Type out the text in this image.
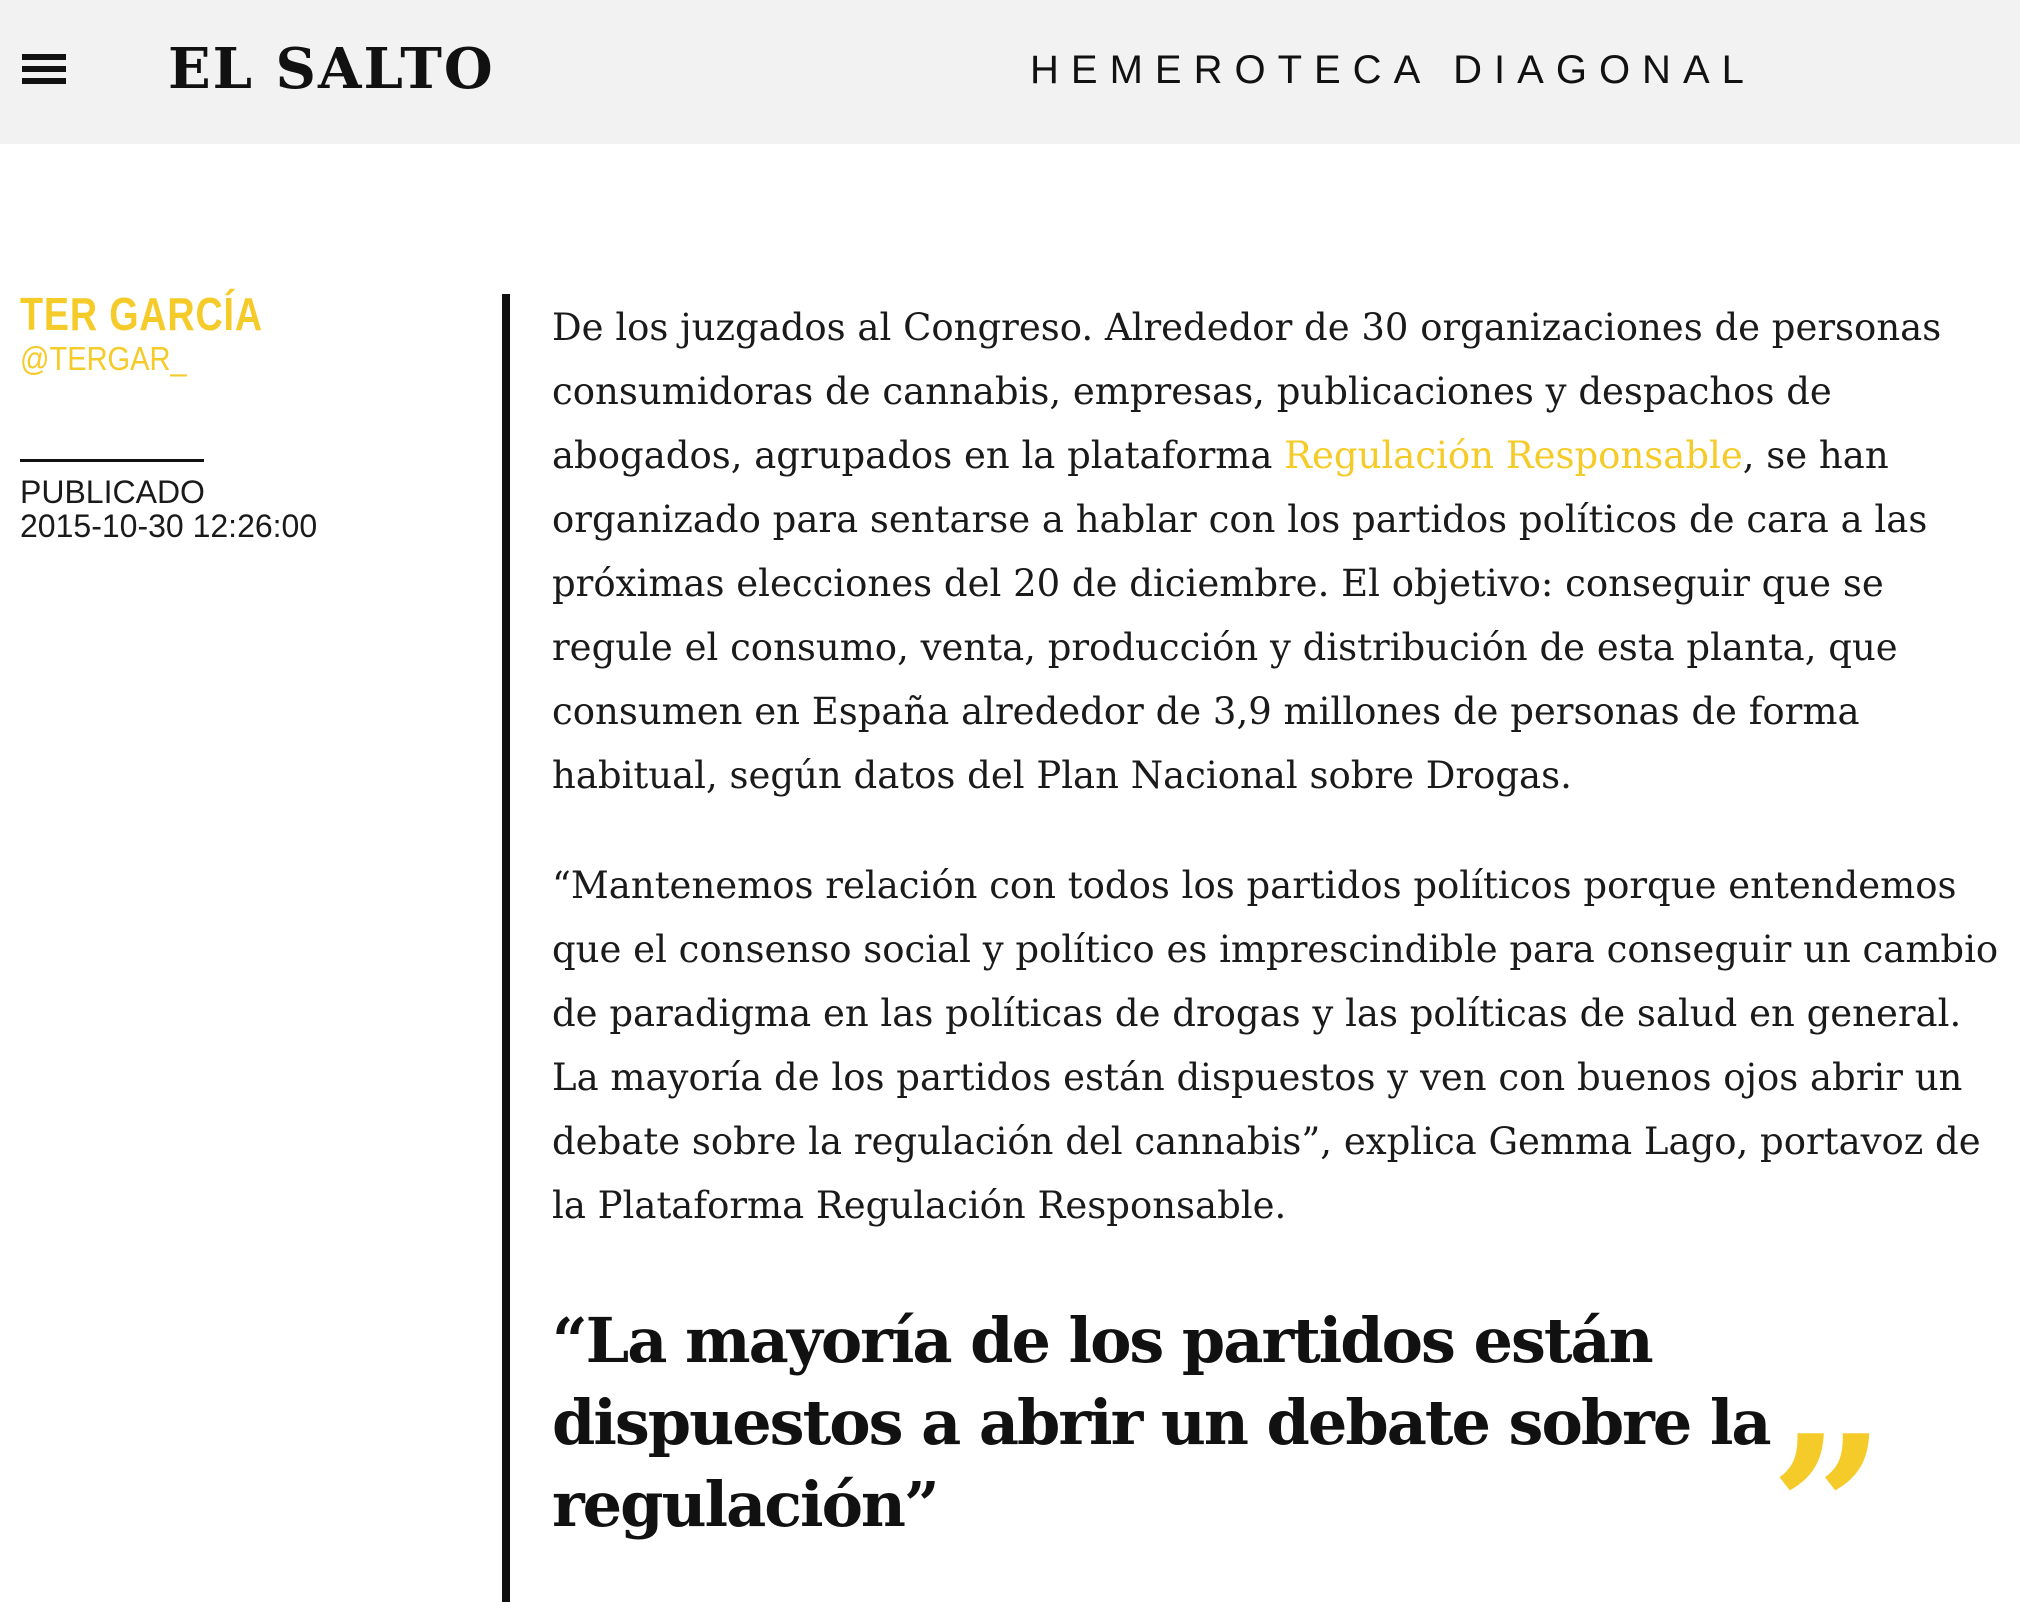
EL SALTO	HEMEROTECA DIAGONAL
TER GARCÍA
@TERGAR_
PUBLICADO
2015-10-30 12:26:00

De los juzgados al Congreso. Alrededor de 30 organizaciones de personas consumidoras de cannabis, empresas, publicaciones y despachos de abogados, agrupados en la plataforma Regulación Responsable, se han organizado para sentarse a hablar con los partidos políticos de cara a las próximas elecciones del 20 de diciembre. El objetivo: conseguir que se regule el consumo, venta, producción y distribución de esta planta, que consumen en España alrededor de 3,9 millones de personas de forma habitual, según datos del Plan Nacional sobre Drogas.

“Mantenemos relación con todos los partidos políticos porque entendemos que el consenso social y político es imprescindible para conseguir un cambio de paradigma en las políticas de drogas y las políticas de salud en general. La mayoría de los partidos están dispuestos y ven con buenos ojos abrir un debate sobre la regulación del cannabis”, explica Gemma Lago, portavoz de la Plataforma Regulación Responsable.

“La mayoría de los partidos están dispuestos a abrir un debate sobre la regulación”	”
